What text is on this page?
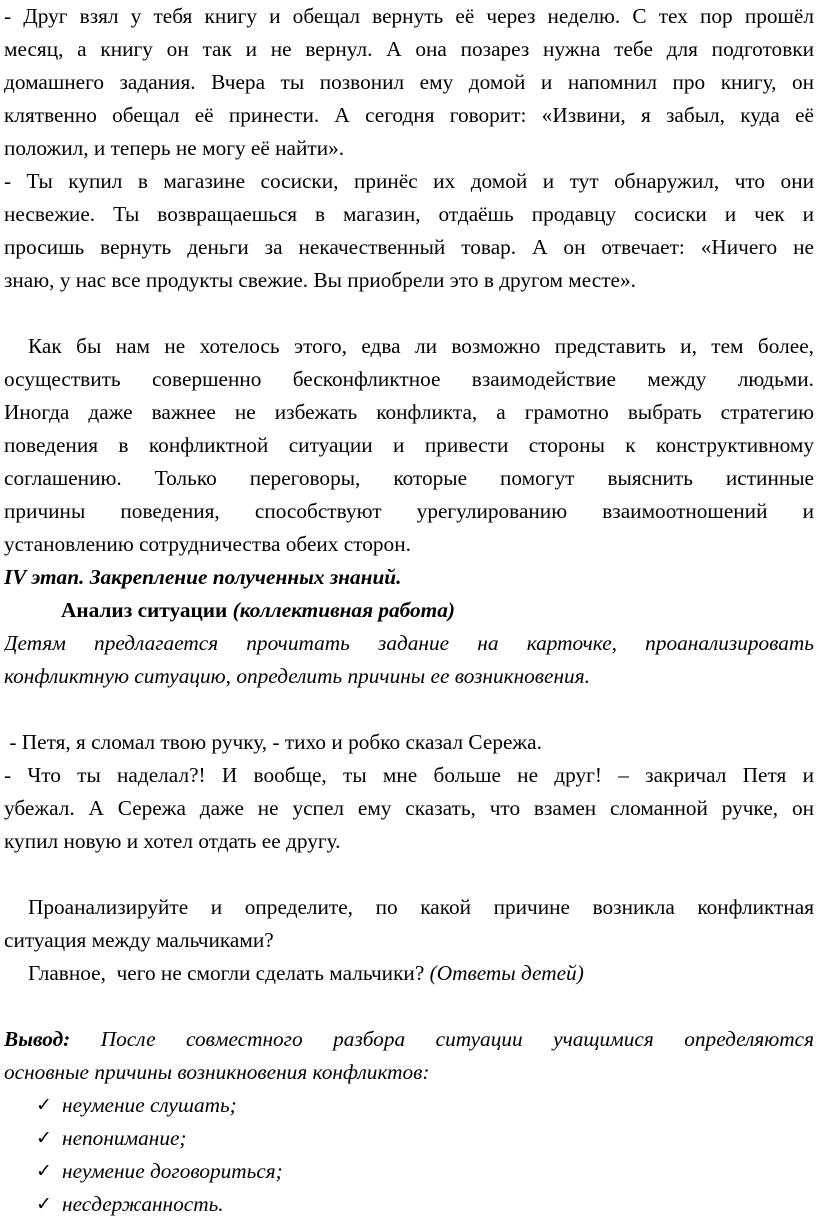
- Друг взял у тебя книгу и обещал вернуть её через неделю. С тех пор прошёл

месяц, а книгу он так и не вернул. А она позарез нужна тебе для подготовки

домашнего задания. Вчера ты позвонил ему домой и напомнил про книгу, он

клятвенно обещал её принести. А сегодня говорит: «Извини, я забыл, куда её

положил, и теперь не могу её найти».

- Ты купил в магазине сосиски, принёс их домой и тут обнаружил, что они

несвежие. Ты возвращаешься в магазин, отдаёшь продавцу сосиски и чек и

просишь вернуть деньги за некачественный товар. А он отвечает: «Ничего не

знаю, у нас все продукты свежие. Вы приобрели это в другом месте».

Как бы нам не хотелось этого, едва ли возможно представить и, тем более,

осуществить совершенно бесконфликтное взаимодействие между людьми.

Иногда даже важнее не избежать конфликта, а грамотно выбрать стратегию

поведения в конфликтной ситуации и привести стороны к конструктивному

соглашению. Только переговоры, которые помогут выяснить истинные

причины поведения, способствуют урегулированию взаимоотношений и

установлению сотрудничества обеих сторон.

IV этап. Закрепление полученных знаний.

Анализ ситуации (коллективная работа)

Детям предлагается прочитать задание на карточке, проанализировать

конфликтную ситуацию, определить причины ее возникновения.

- Петя, я сломал твою ручку, - тихо и робко сказал Сережа.

- Что ты наделал?! И вообще, ты мне больше не друг! – закричал Петя и

убежал. А Сережа даже не успел ему сказать, что взамен сломанной ручке, он

купил новую и хотел отдать ее другу.

Проанализируйте и определите, по какой причине возникла конфликтная

ситуация между мальчиками?

Главное,  чего не смогли сделать мальчики? (Ответы детей)

Вывод: После совместного разбора ситуации учащимися определяются

основные причины возникновения конфликтов:

✓ неумение слушать;
✓ непонимание;
✓ неумение договориться;
✓ несдержанность.
